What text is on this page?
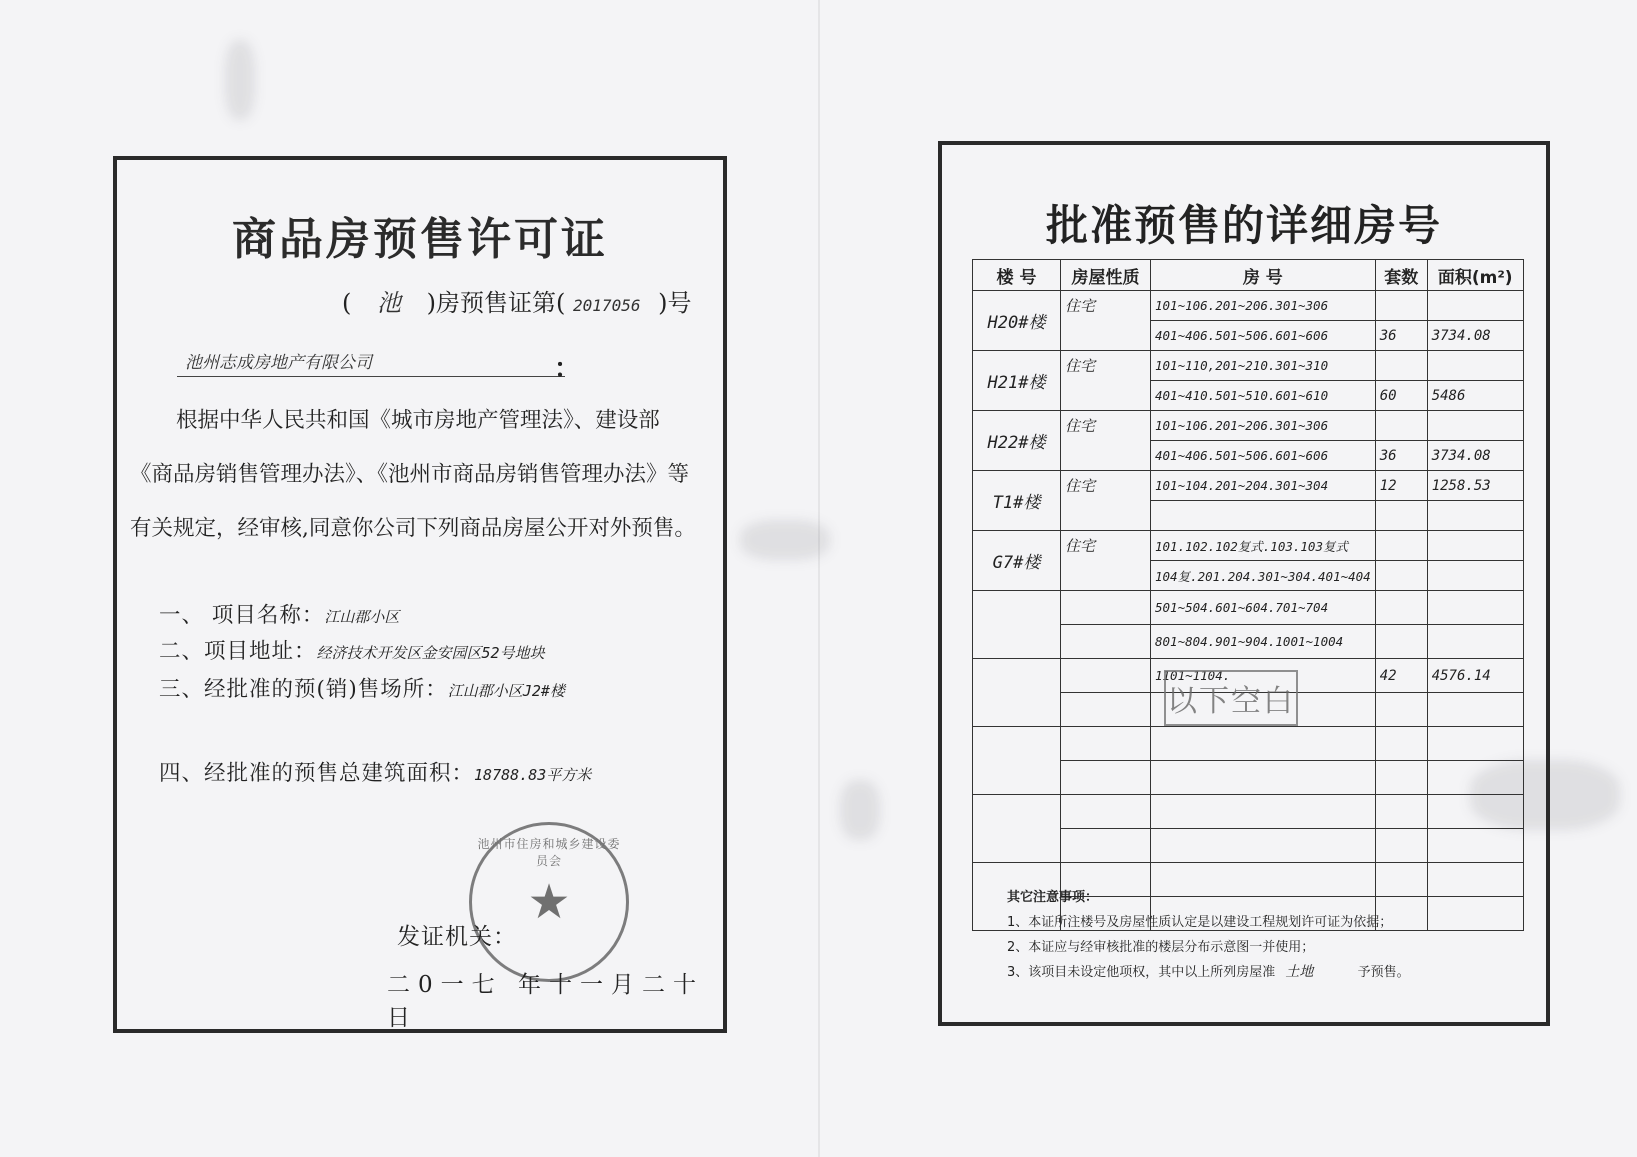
商品房预售许可证
( 池 )房预售证第( 2017056 )号
池州志成房地产有限公司	：
根据中华人民共和国《城市房地产管理法》、建设部《商品房销售管理办法》、《池州市商品房销售管理办法》等有关规定，经审核,同意你公司下列商品房屋公开对外预售。
一、 项目名称：江山郡小区
二、项目地址：经济技术开发区金安园区52号地块
三、经批准的预(销)售场所：江山郡小区J2#楼
四、经批准的预售总建筑面积：18788.83平方米
池州市住房和城乡建设委员会
★
发证机关：
二0一七 年十一月二十 日
批准预售的详细房号
楼 号	房屋性质	房 号	套数	面积(m²)
H20#楼	住宅	101~106.201~206.301~306		
		401~406.501~506.601~606	36	3734.08
H21#楼	住宅	101~110,201~210.301~310		
		401~410.501~510.601~610	60	5486
H22#楼	住宅	101~106.201~206.301~306		
		401~406.501~506.601~606	36	3734.08
T1#楼	住宅	101~104.201~204.301~304	12	1258.53

G7#楼	住宅	101.102.102复式.103.103复式		
		104复.201.204.301~304.401~404		
		501~504.601~604.701~704		
		801~804.901~904.1001~1004		
		1101~1104.	42	4576.14

以下空白
其它注意事项：
1、本证所注楼号及房屋性质认定是以建设工程规划许可证为依据；
2、本证应与经审核批准的楼层分布示意图一并使用；
3、该项目未设定他项权，其中以上所列房屋准 土地	予预售。
